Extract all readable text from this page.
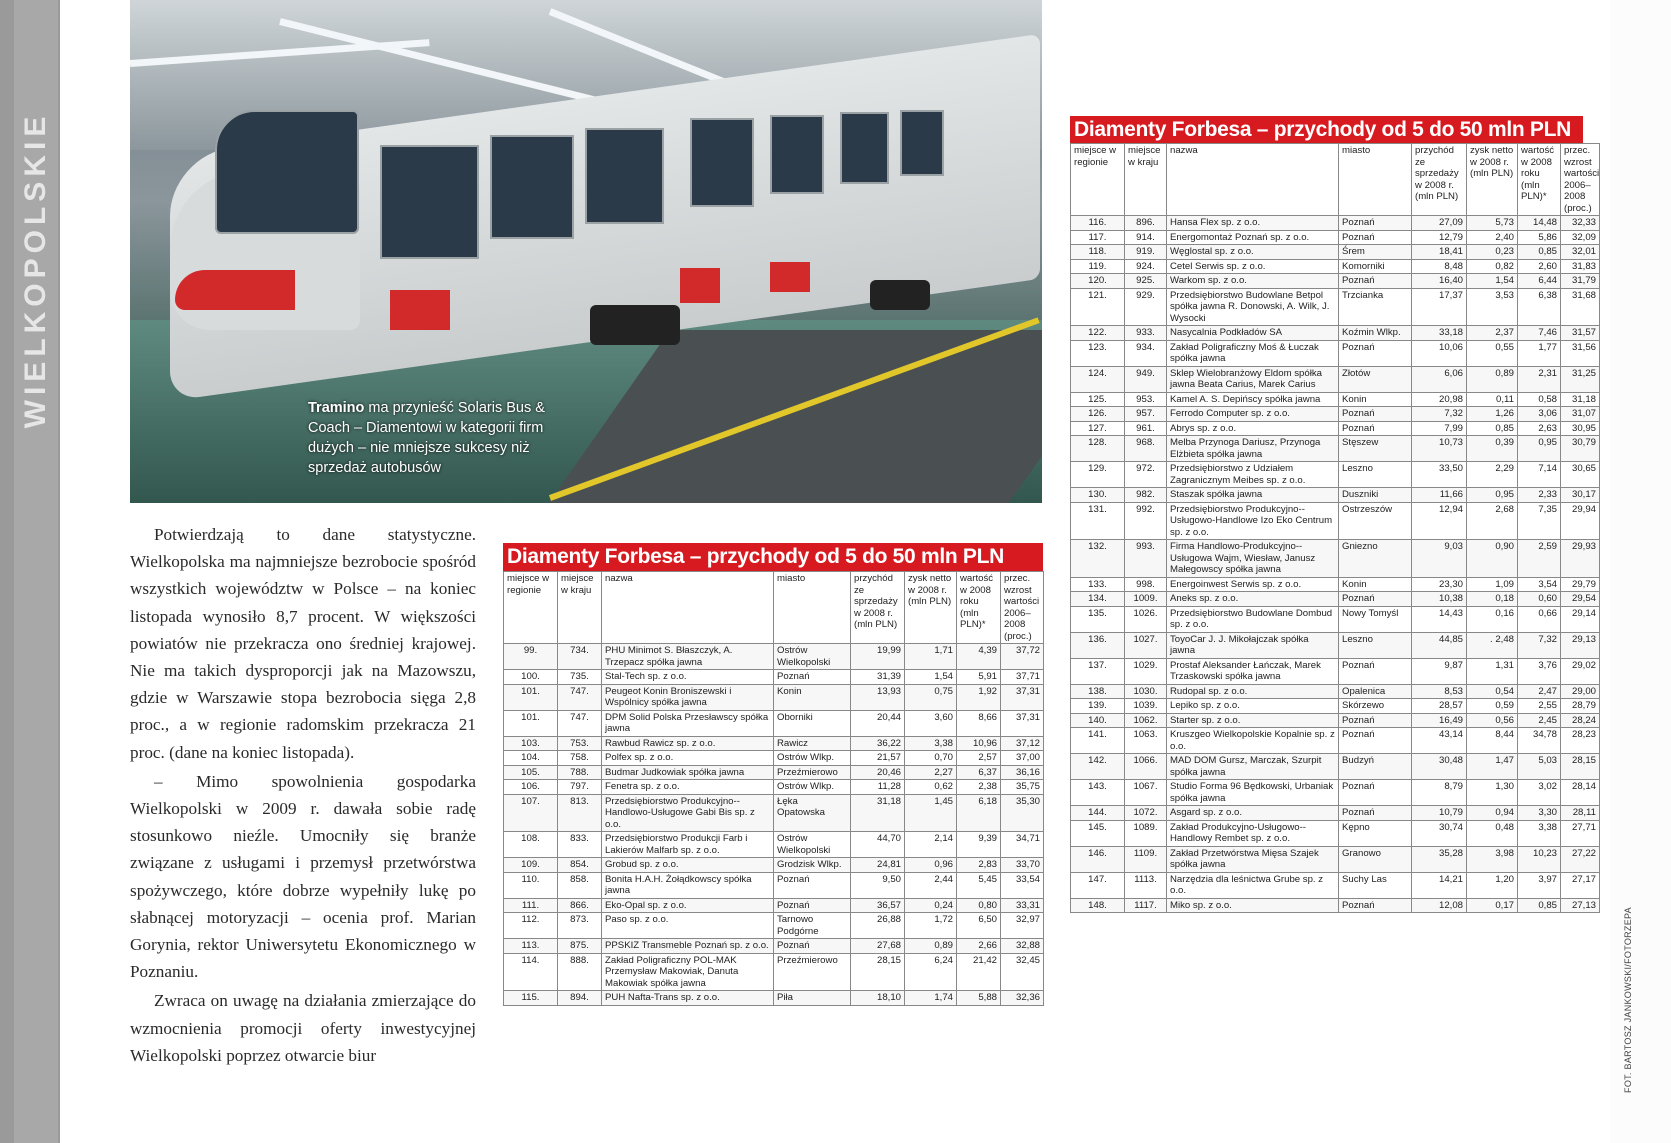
WIELKOPOLSKIE
	Tramino ma przynieść Solaris Bus & Coach – Diamentowi w kategorii firm dużych – nie mniejsze sukcesy niż sprzedaż autobusów

Potwierdzają to dane statystyczne. Wielkopolska ma najmniejsze bezrobocie spośród wszystkich województw w Polsce – na koniec listopada wynosiło 8,7 procent. W większości powiatów nie przekracza ono średniej krajowej. Nie ma takich dysproporcji jak na Mazowszu, gdzie w Warszawie stopa bezrobocia sięga 2,8 proc., a w regionie radomskim przekracza 21 proc. (dane na koniec listopada).

– Mimo spowolnienia gospodarka Wielkopolski w 2009 r. dawała sobie radę stosunkowo nieźle. Umocniły się branże związane z usługami i przemysł przetwórstwa spożywczego, które dobrze wypełniły lukę po słabnącej motoryzacji – ocenia prof. Marian Gorynia, rektor Uniwersytetu Ekonomicznego w Poznaniu.

Zwraca on uwagę na działania zmierzające do wzmocnienia promocji oferty inwestycyjnej Wielkopolski poprzez otwarcie biur

Diamenty Forbesa – przychody od 5 do 50 mln PLN
miejsce w regionie	miejsce w kraju	nazwa	miasto	przychód ze sprzedaży w 2008 r. (mln PLN)	zysk netto w 2008 r. (mln PLN)	wartość w 2008 roku (mln PLN)*	przec. wzrost wartości 2006–2008 (proc.)
99.	734.	PHU Minimot S. Błaszczyk, A. Trzepacz spółka jawna	Ostrów Wielkopolski	19,99	1,71	4,39	37,72
100.	735.	Stal-Tech sp. z o.o.	Poznań	31,39	1,54	5,91	37,71
101.	747.	Peugeot Konin Broniszewski i Wspólnicy spółka jawna	Konin	13,93	0,75	1,92	37,31
101.	747.	DPM Solid Polska Przesławscy spółka jawna	Oborniki	20,44	3,60	8,66	37,31
103.	753.	Rawbud Rawicz sp. z o.o.	Rawicz	36,22	3,38	10,96	37,12
104.	758.	Polfex sp. z o.o.	Ostrów Wlkp.	21,57	0,70	2,57	37,00
105.	788.	Budmar Judkowiak spółka jawna	Przeźmierowo	20,46	2,27	6,37	36,16
106.	797.	Fenetra sp. z o.o.	Ostrów Wlkp.	11,28	0,62	2,38	35,75
107.	813.	Przedsiębiorstwo Produkcyjno--Handlowo-Usługowe Gabi Bis sp. z o.o.	Łęka Opatowska	31,18	1,45	6,18	35,30
108.	833.	Przedsiębiorstwo Produkcji Farb i Lakierów Malfarb sp. z o.o.	Ostrów Wielkopolski	44,70	2,14	9,39	34,71
109.	854.	Grobud sp. z o.o.	Grodzisk Wlkp.	24,81	0,96	2,83	33,70
110.	858.	Bonita H.A.H. Żołądkowscy spółka jawna	Poznań	9,50	2,44	5,45	33,54
111.	866.	Eko-Opal sp. z o.o.	Poznań	36,57	0,24	0,80	33,31
112.	873.	Paso sp. z o.o.	Tarnowo Podgórne	26,88	1,72	6,50	32,97
113.	875.	PPSKIZ Transmeble Poznań sp. z o.o.	Poznań	27,68	0,89	2,66	32,88
114.	888.	Zakład Poligraficzny POL-MAK Przemysław Makowiak, Danuta Makowiak spółka jawna	Przeźmierowo	28,15	6,24	21,42	32,45
115.	894.	PUH Nafta-Trans sp. z o.o.	Piła	18,10	1,74	5,88	32,36
Diamenty Forbesa – przychody od 5 do 50 mln PLN
miejsce w regionie	miejsce w kraju	nazwa	miasto	przychód ze sprzedaży w 2008 r. (mln PLN)	zysk netto w 2008 r. (mln PLN)	wartość w 2008 roku (mln PLN)*	przec. wzrost wartości 2006–2008 (proc.)
116.	896.	Hansa Flex sp. z o.o.	Poznań	27,09	5,73	14,48	32,33
117.	914.	Energomontaż Poznań sp. z o.o.	Poznań	12,79	2,40	5,86	32,09
118.	919.	Węglostal sp. z o.o.	Śrem	18,41	0,23	0,85	32,01
119.	924.	Cetel Serwis sp. z o.o.	Komorniki	8,48	0,82	2,60	31,83
120.	925.	Warkom sp. z o.o.	Poznań	16,40	1,54	6,44	31,79
121.	929.	Przedsiębiorstwo Budowlane Betpol spółka jawna R. Donowski, A. Wilk, J. Wysocki	Trzcianka	17,37	3,53	6,38	31,68
122.	933.	Nasycalnia Podkładów SA	Koźmin Wlkp.	33,18	2,37	7,46	31,57
123.	934.	Zakład Poligraficzny Moś & Łuczak spółka jawna	Poznań	10,06	0,55	1,77	31,56
124.	949.	Sklep Wielobranżowy Eldom spółka jawna Beata Carius, Marek Carius	Złotów	6,06	0,89	2,31	31,25
125.	953.	Kamel A. S. Depińscy spółka jawna	Konin	20,98	0,11	0,58	31,18
126.	957.	Ferrodo Computer sp. z o.o.	Poznań	7,32	1,26	3,06	31,07
127.	961.	Abrys sp. z o.o.	Poznań	7,99	0,85	2,63	30,95
128.	968.	Melba Przynoga Dariusz, Przynoga Elżbieta spółka jawna	Stęszew	10,73	0,39	0,95	30,79
129.	972.	Przedsiębiorstwo z Udziałem Zagranicznym Meibes sp. z o.o.	Leszno	33,50	2,29	7,14	30,65
130.	982.	Staszak spółka jawna	Duszniki	11,66	0,95	2,33	30,17
131.	992.	Przedsiębiorstwo Produkcyjno--Usługowo-Handlowe Izo Eko Centrum sp. z o.o.	Ostrzeszów	12,94	2,68	7,35	29,94
132.	993.	Firma Handlowo-Produkcyjno--Usługowa Wajm, Wiesław, Janusz Małegowscy spółka jawna	Gniezno	9,03	0,90	2,59	29,93
133.	998.	Energoinwest Serwis sp. z o.o.	Konin	23,30	1,09	3,54	29,79
134.	1009.	Aneks sp. z o.o.	Poznań	10,38	0,18	0,60	29,54
135.	1026.	Przedsiębiorstwo Budowlane Dombud sp. z o.o.	Nowy Tomyśl	14,43	0,16	0,66	29,14
136.	1027.	ToyoCar J. J. Mikołajczak spółka jawna	Leszno	44,85	. 2,48	7,32	29,13
137.	1029.	Prostaf Aleksander Łańczak, Marek Trzaskowski spółka jawna	Poznań	9,87	1,31	3,76	29,02
138.	1030.	Rudopal sp. z o.o.	Opalenica	8,53	0,54	2,47	29,00
139.	1039.	Lepiko sp. z o.o.	Skórzewo	28,57	0,59	2,55	28,79
140.	1062.	Starter sp. z o.o.	Poznań	16,49	0,56	2,45	28,24
141.	1063.	Kruszgeo Wielkopolskie Kopalnie sp. z o.o.	Poznań	43,14	8,44	34,78	28,23
142.	1066.	MAD DOM Gursz, Marczak, Szurpit spółka jawna	Budzyń	30,48	1,47	5,03	28,15
143.	1067.	Studio Forma 96 Będkowski, Urbaniak spółka jawna	Poznań	8,79	1,30	3,02	28,14
144.	1072.	Asgard sp. z o.o.	Poznań	10,79	0,94	3,30	28,11
145.	1089.	Zakład Produkcyjno-Usługowo--Handlowy Rembet sp. z o.o.	Kępno	30,74	0,48	3,38	27,71
146.	1109.	Zakład Przetwórstwa Mięsa Szajek spółka jawna	Granowo	35,28	3,98	10,23	27,22
147.	1113.	Narzędzia dla leśnictwa Grube sp. z o.o.	Suchy Las	14,21	1,20	3,97	27,17
148.	1117.	Miko sp. z o.o.	Poznań	12,08	0,17	0,85	27,13
FOT. BARTOSZ JANKOWSKI/FOTORZEPA
